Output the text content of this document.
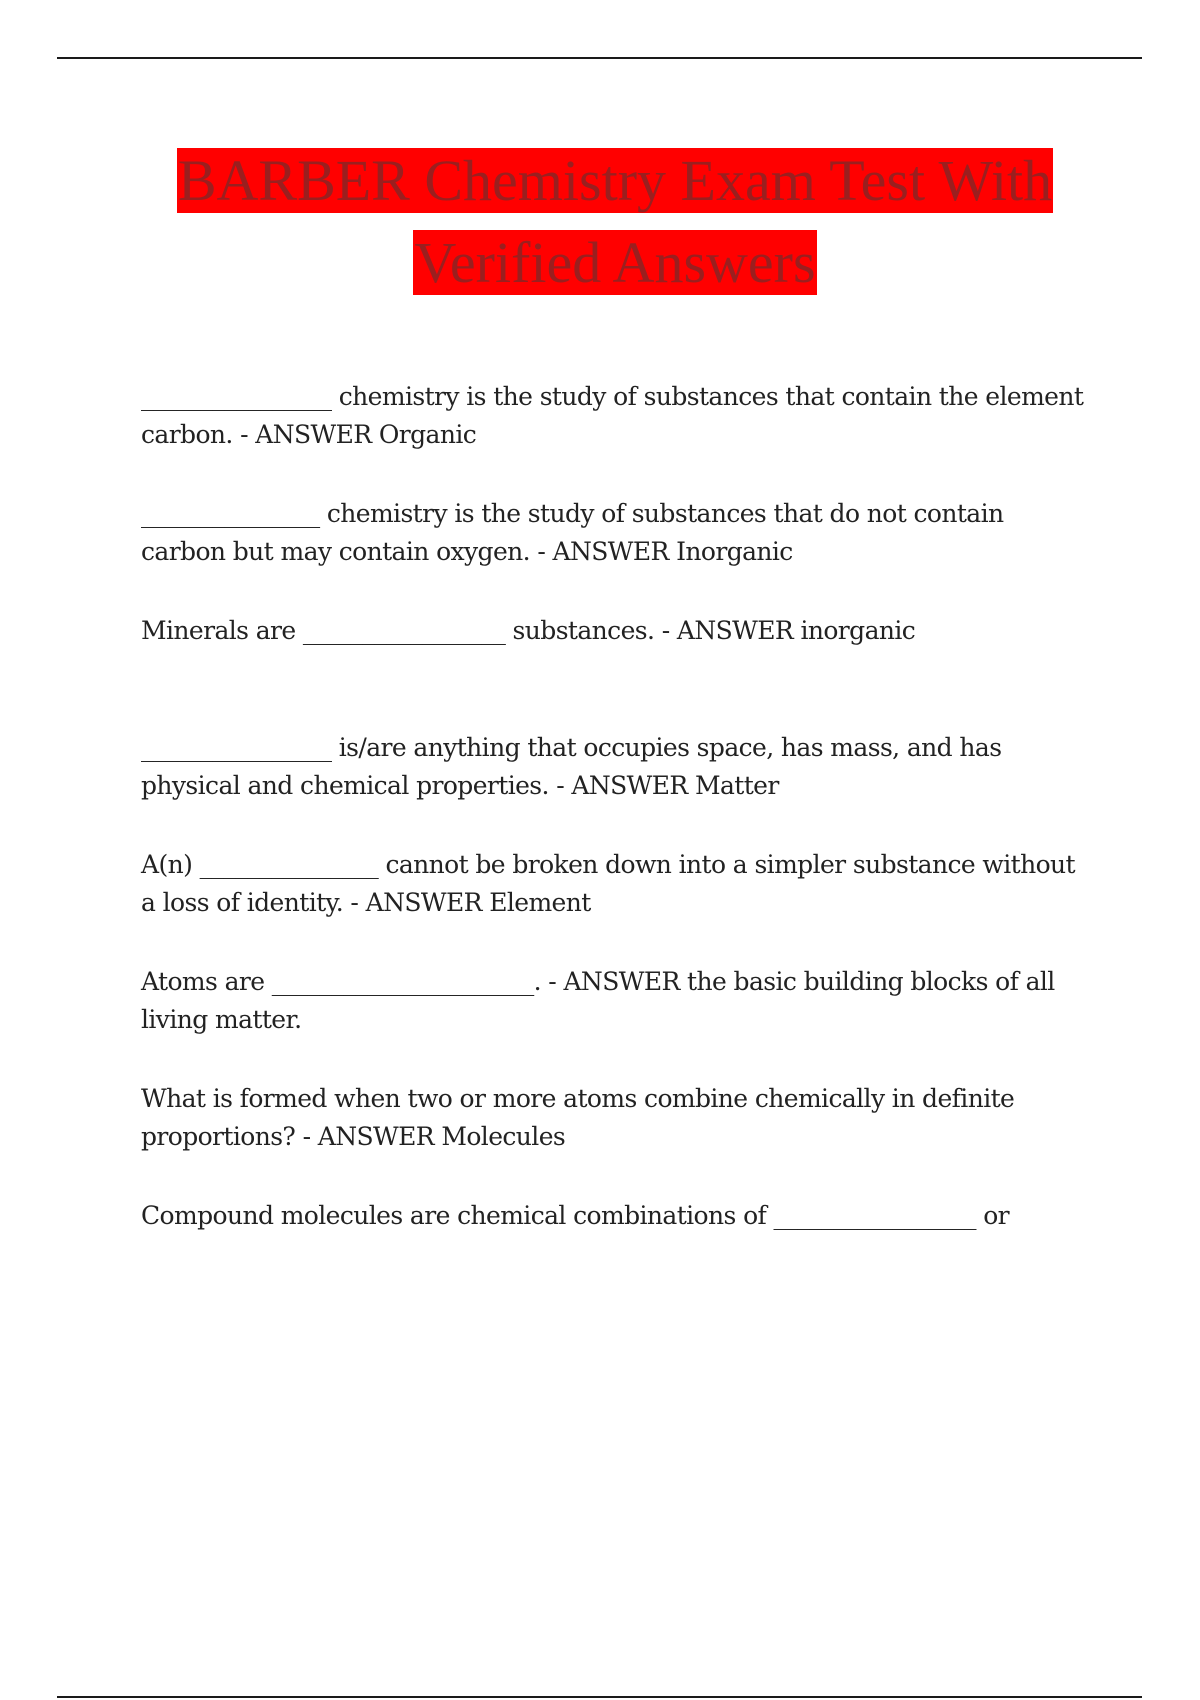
BARBER Chemistry Exam Test With
Verified Answers

________________ chemistry is the study of substances that contain the element carbon. - ANSWER Organic

_______________ chemistry is the study of substances that do not contain carbon but may contain oxygen. - ANSWER Inorganic

Minerals are _________________ substances. - ANSWER inorganic

________________ is/are anything that occupies space, has mass, and has physical and chemical properties. - ANSWER Matter

A(n) _______________ cannot be broken down into a simpler substance without a loss of identity. - ANSWER Element

Atoms are ______________________. - ANSWER the basic building blocks of all living matter.

What is formed when two or more atoms combine chemically in definite proportions? - ANSWER Molecules

Compound molecules are chemical combinations of _________________ or
